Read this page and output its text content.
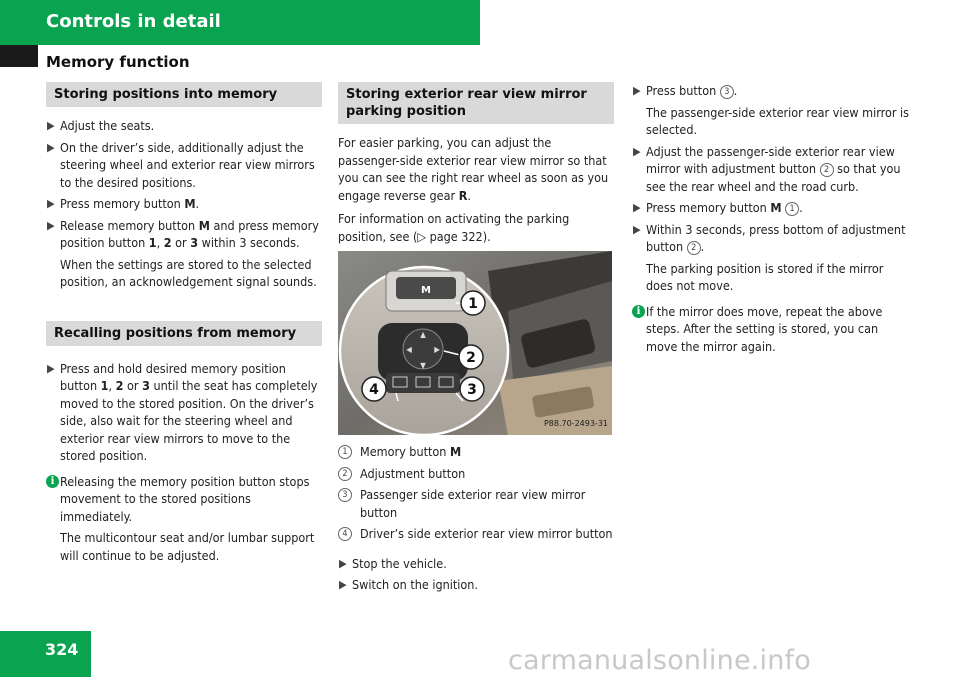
Controls in detail
Memory function
Storing positions into memory
▶ Adjust the seats.
▶ On the driver’s side, additionally adjust the steering wheel and exterior rear view mirrors to the desired positions.
▶ Press memory button M.
▶ Release memory button M and press memory position button 1, 2 or 3 within 3 seconds.
When the settings are stored to the selected position, an acknowledgement signal sounds.
Recalling positions from memory
▶ Press and hold desired memory position button 1, 2 or 3 until the seat has completely moved to the stored position. On the driver’s side, also wait for the steering wheel and exterior rear view mirrors to move to the stored position.
i Releasing the memory position button stops movement to the stored positions immediately.
The multicontour seat and/or lumbar support will continue to be adjusted.
Storing exterior rear view mirror parking position
For easier parking, you can adjust the passenger-side exterior rear view mirror so that you can see the right rear wheel as soon as you engage reverse gear R.
For information on activating the parking position, see (▷ page 322).
M
▲
▼
◀	▶
1
2
3
4
P88.70-2493-31
1 Memory button M
2 Adjustment button
3 Passenger side exterior rear view mirror button
4 Driver’s side exterior rear view mirror button
▶ Stop the vehicle.
▶ Switch on the ignition.
▶ Press button 3 .
The passenger-side exterior rear view mirror is selected.
▶ Adjust the passenger-side exterior rear view mirror with adjustment button 2 so that you see the rear wheel and the road curb.
▶ Press memory button M 1 .
▶ Within 3 seconds, press bottom of adjustment button 2 .
The parking position is stored if the mirror does not move.
i If the mirror does move, repeat the above steps. After the setting is stored, you can move the mirror again.
324	carmanualsonline.info
